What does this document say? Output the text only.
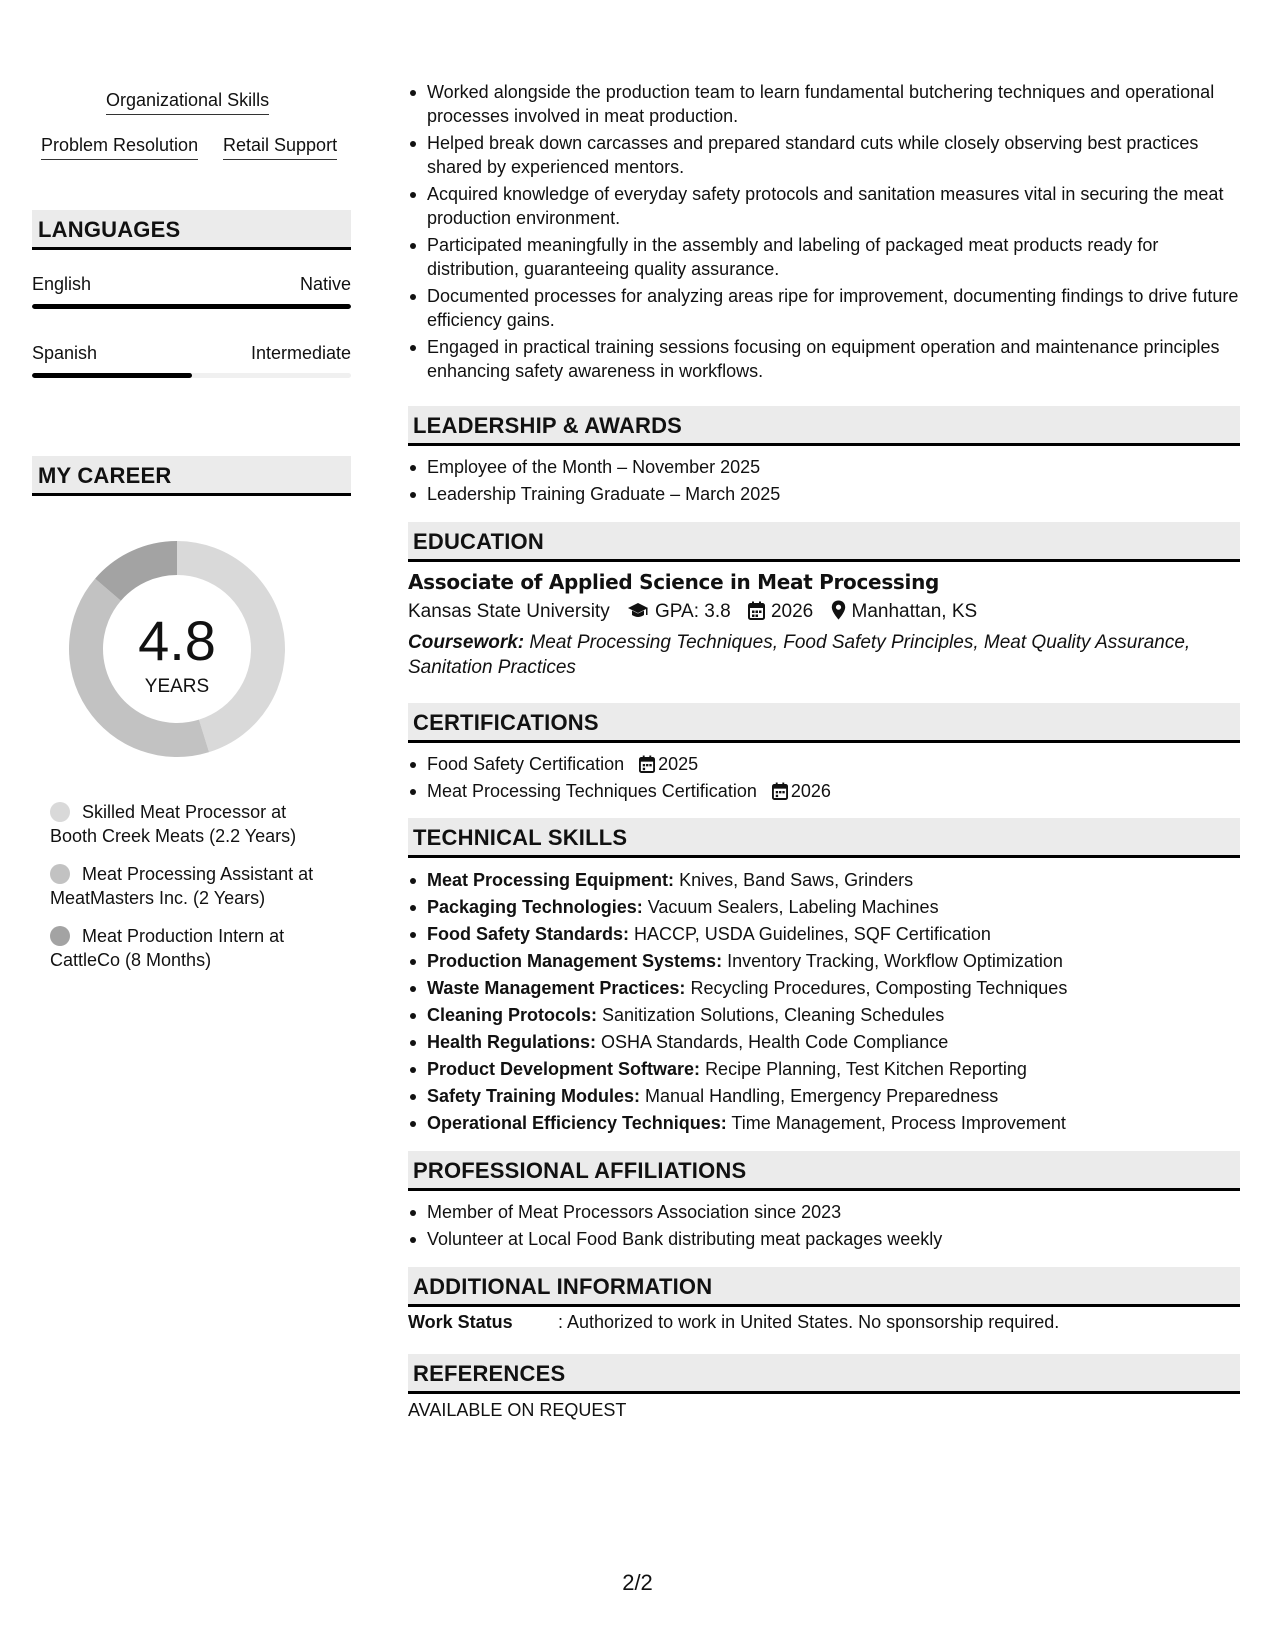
Organizational Skills
Problem Resolution Retail Support
LANGUAGES
English	Native
Spanish	Intermediate
MY CAREER
4.8
YEARS
Skilled Meat Processor at Booth Creek Meats (2.2 Years)
Meat Processing Assistant at MeatMasters Inc. (2 Years)
Meat Production Intern at CattleCo (8 Months)
Worked alongside the production team to learn fundamental butchering techniques and operational processes involved in meat production.
Helped break down carcasses and prepared standard cuts while closely observing best practices shared by experienced mentors.
Acquired knowledge of everyday safety protocols and sanitation measures vital in securing the meat production environment.
Participated meaningfully in the assembly and labeling of packaged meat products ready for distribution, guaranteeing quality assurance.
Documented processes for analyzing areas ripe for improvement, documenting findings to drive future efficiency gains.
Engaged in practical training sessions focusing on equipment operation and maintenance principles enhancing safety awareness in workflows.
LEADERSHIP & AWARDS
Employee of the Month – November 2025
Leadership Training Graduate – March 2025
EDUCATION
Associate of Applied Science in Meat Processing
Kansas State University GPA: 3.8 2026 Manhattan, KS
Coursework: Meat Processing Techniques, Food Safety Principles, Meat Quality Assurance, Sanitation Practices
CERTIFICATIONS
Food Safety Certification 2025
Meat Processing Techniques Certification 2026
TECHNICAL SKILLS
Meat Processing Equipment: Knives, Band Saws, Grinders
Packaging Technologies: Vacuum Sealers, Labeling Machines
Food Safety Standards: HACCP, USDA Guidelines, SQF Certification
Production Management Systems: Inventory Tracking, Workflow Optimization
Waste Management Practices: Recycling Procedures, Composting Techniques
Cleaning Protocols: Sanitization Solutions, Cleaning Schedules
Health Regulations: OSHA Standards, Health Code Compliance
Product Development Software: Recipe Planning, Test Kitchen Reporting
Safety Training Modules: Manual Handling, Emergency Preparedness
Operational Efficiency Techniques: Time Management, Process Improvement
PROFESSIONAL AFFILIATIONS
Member of Meat Processors Association since 2023
Volunteer at Local Food Bank distributing meat packages weekly
ADDITIONAL INFORMATION
Work Status	: Authorized to work in United States. No sponsorship required.
REFERENCES
AVAILABLE ON REQUEST
2/2
